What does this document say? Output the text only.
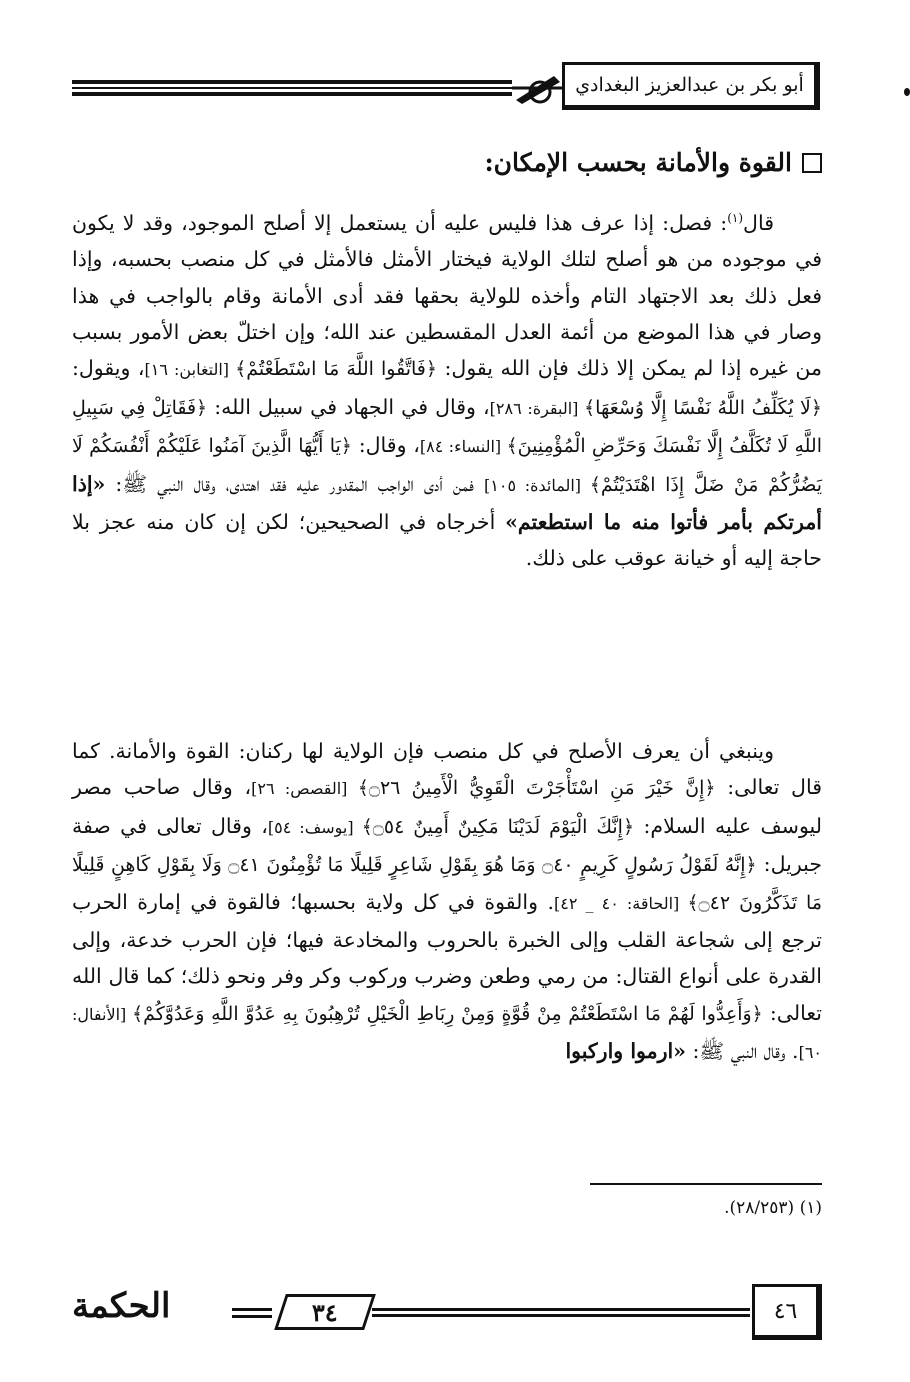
أبو بكر بن عبدالعزيز البغدادي
القوة والأمانة بحسب الإمكان:

قال$^{(١)}$: فصل: إذا عرف هذا فليس عليه أن يستعمل إلا أصلح الموجود، وقد لا يكون في موجوده من هو أصلح لتلك الولاية فيختار الأمثل فالأمثل في كل منصب بحسبه، وإذا فعل ذلك بعد الاجتهاد التام وأخذه للولاية بحقها فقد أدى الأمانة وقام بالواجب في هذا وصار في هذا الموضع من أئمة العدل المقسطين عند الله؛ وإن اختلّ بعض الأمور بسبب من غيره إذا لم يمكن إلا ذلك فإن الله يقول: ﴿فَاتَّقُوا اللَّهَ مَا اسْتَطَعْتُمْ﴾ [التغابن: ١٦]، ويقول: ﴿لَا يُكَلِّفُ اللَّهُ نَفْسًا إِلَّا وُسْعَهَا﴾ [البقرة: ٢٨٦]، وقال في الجهاد في سبيل الله: ﴿فَقَاتِلْ فِي سَبِيلِ اللَّهِ لَا تُكَلَّفُ إِلَّا نَفْسَكَ وَحَرِّضِ الْمُؤْمِنِينَ﴾ [النساء: ٨٤]، وقال: ﴿يَا أَيُّهَا الَّذِينَ آمَنُوا عَلَيْكُمْ أَنْفُسَكُمْ لَا يَضُرُّكُمْ مَنْ ضَلَّ إِذَا اهْتَدَيْتُمْ﴾ [المائدة: ١٠٥] فمن أدى الواجب المقدور عليه فقد اهتدى، وقال النبي ﷺ: «إذا أمرتكم بأمر فأتوا منه ما استطعتم» أخرجاه في الصحيحين؛ لكن إن كان منه عجز بلا حاجة إليه أو خيانة عوقب على ذلك.

وينبغي أن يعرف الأصلح في كل منصب فإن الولاية لها ركنان: القوة والأمانة. كما قال تعالى: ﴿إِنَّ خَيْرَ مَنِ اسْتَأْجَرْتَ الْقَوِيُّ الْأَمِينُ ۝٢٦﴾ [القصص: ٢٦]، وقال صاحب مصر ليوسف عليه السلام: ﴿إِنَّكَ الْيَوْمَ لَدَيْنَا مَكِينٌ أَمِينٌ ۝٥٤﴾ [يوسف: ٥٤]، وقال تعالى في صفة جبريل: ﴿إِنَّهُ لَقَوْلُ رَسُولٍ كَرِيمٍ ۝٤٠ وَمَا هُوَ بِقَوْلِ شَاعِرٍ قَلِيلًا مَا تُؤْمِنُونَ ۝٤١ وَلَا بِقَوْلِ كَاهِنٍ قَلِيلًا مَا تَذَكَّرُونَ ۝٤٢﴾ [الحاقة: ٤٠ _ ٤٢]. والقوة في كل ولاية بحسبها؛ فالقوة في إمارة الحرب ترجع إلى شجاعة القلب وإلى الخبرة بالحروب والمخادعة فيها؛ فإن الحرب خدعة، وإلى القدرة على أنواع القتال: من رمي وطعن وضرب وركوب وكر وفر ونحو ذلك؛ كما قال الله تعالى: ﴿وَأَعِدُّوا لَهُمْ مَا اسْتَطَعْتُمْ مِنْ قُوَّةٍ وَمِنْ رِبَاطِ الْخَيْلِ تُرْهِبُونَ بِهِ عَدُوَّ اللَّهِ وَعَدُوَّكُمْ﴾ [الأنفال: ٦٠]. وقال النبي ﷺ: «ارموا واركبوا

(١) (٢٨/٢٥٣).
٤٦
٣٤
الحكمة
